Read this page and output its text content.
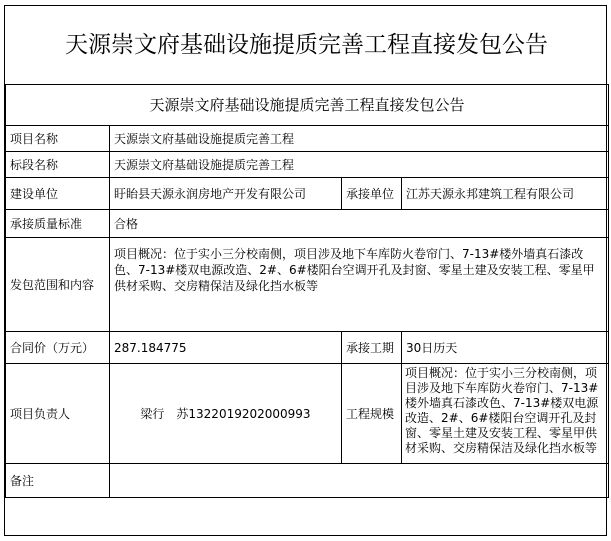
天源崇文府基础设施提质完善工程直接发包公告
天源崇文府基础设施提质完善工程直接发包公告			
项目名称	天源崇文府基础设施提质完善工程		
标段名称	天源崇文府基础设施提质完善工程		
建设单位	盱眙县天源永润房地产开发有限公司	承接单位	江苏天源永邦建筑工程有限公司
承接质量标准	合格		
发包范围和内容	项目概况：位于实小三分校南侧，项目涉及地下车库防火卷帘门、7-13#楼外墙真石漆改色、7-13#楼双电源改造、2#、6#楼阳台空调开孔及封窗、零星土建及安装工程、零星甲供材采购、交房精保洁及绿化挡水板等		
合同价（万元）	287.184775	承接工期	30日历天
项目负责人	梁行　苏1322019202000993	工程规模	项目概况：位于实小三分校南侧，项目涉及地下车库防火卷帘门、7-13#楼外墙真石漆改色、7-13#楼双电源改造、2#、6#楼阳台空调开孔及封窗、零星土建及安装工程、零星甲供材采购、交房精保洁及绿化挡水板等
备注			
